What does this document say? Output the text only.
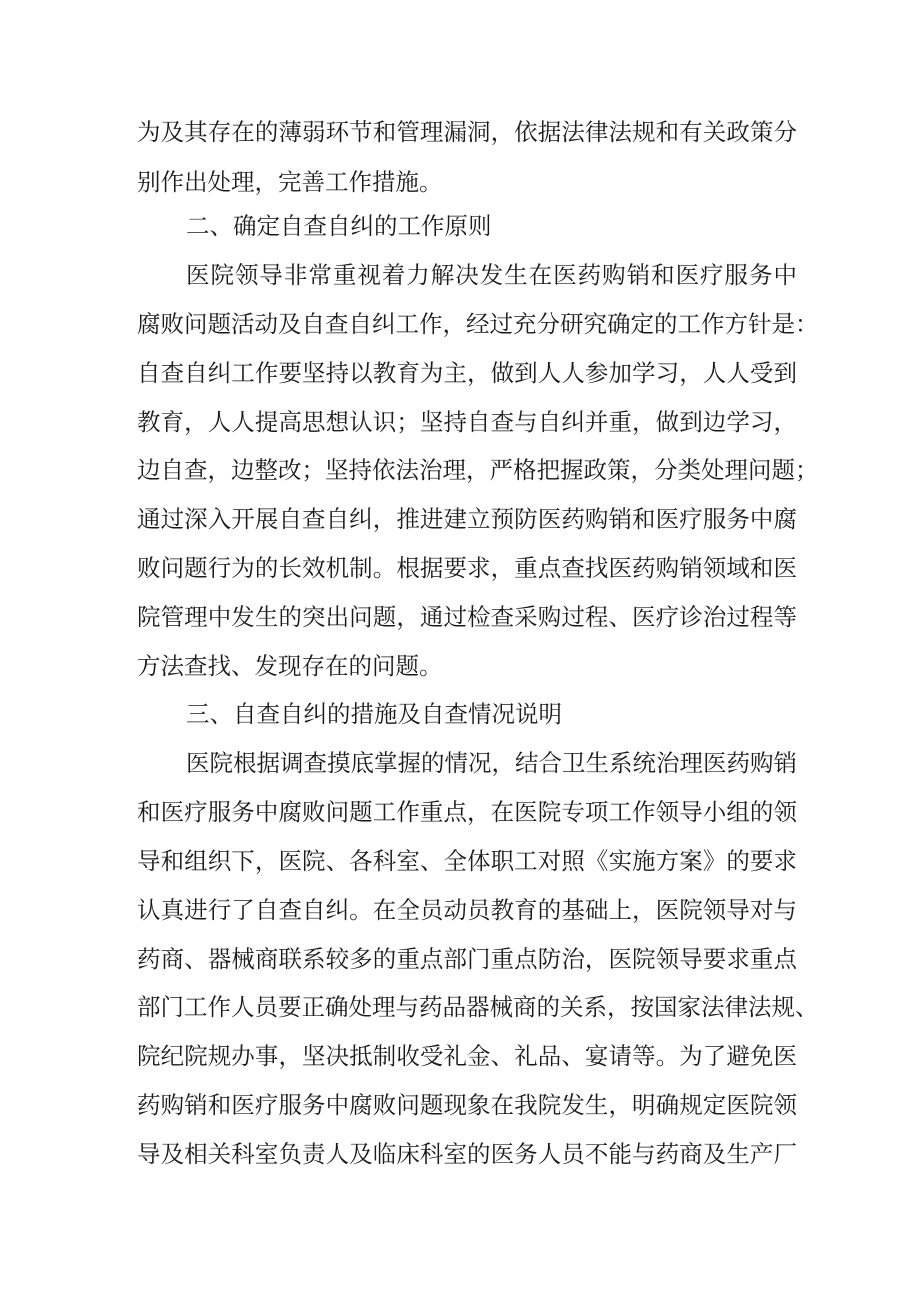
为及其存在的薄弱环节和管理漏洞，依据法律法规和有关政策分
别作出处理，完善工作措施。
二、确定自查自纠的工作原则
医院领导非常重视着力解决发生在医药购销和医疗服务中
腐败问题活动及自查自纠工作，经过充分研究确定的工作方针是：
自查自纠工作要坚持以教育为主，做到人人参加学习，人人受到
教育，人人提高思想认识；坚持自查与自纠并重，做到边学习，
边自查，边整改；坚持依法治理，严格把握政策，分类处理问题；
通过深入开展自查自纠，推进建立预防医药购销和医疗服务中腐
败问题行为的长效机制。根据要求，重点查找医药购销领域和医
院管理中发生的突出问题，通过检查采购过程、医疗诊治过程等
方法查找、发现存在的问题。
三、自查自纠的措施及自查情况说明
医院根据调查摸底掌握的情况，结合卫生系统治理医药购销
和医疗服务中腐败问题工作重点，在医院专项工作领导小组的领
导和组织下，医院、各科室、全体职工对照《实施方案》的要求
认真进行了自查自纠。在全员动员教育的基础上，医院领导对与
药商、器械商联系较多的重点部门重点防治，医院领导要求重点
部门工作人员要正确处理与药品器械商的关系，按国家法律法规、
院纪院规办事，坚决抵制收受礼金、礼品、宴请等。为了避免医
药购销和医疗服务中腐败问题现象在我院发生，明确规定医院领
导及相关科室负责人及临床科室的医务人员不能与药商及生产厂
